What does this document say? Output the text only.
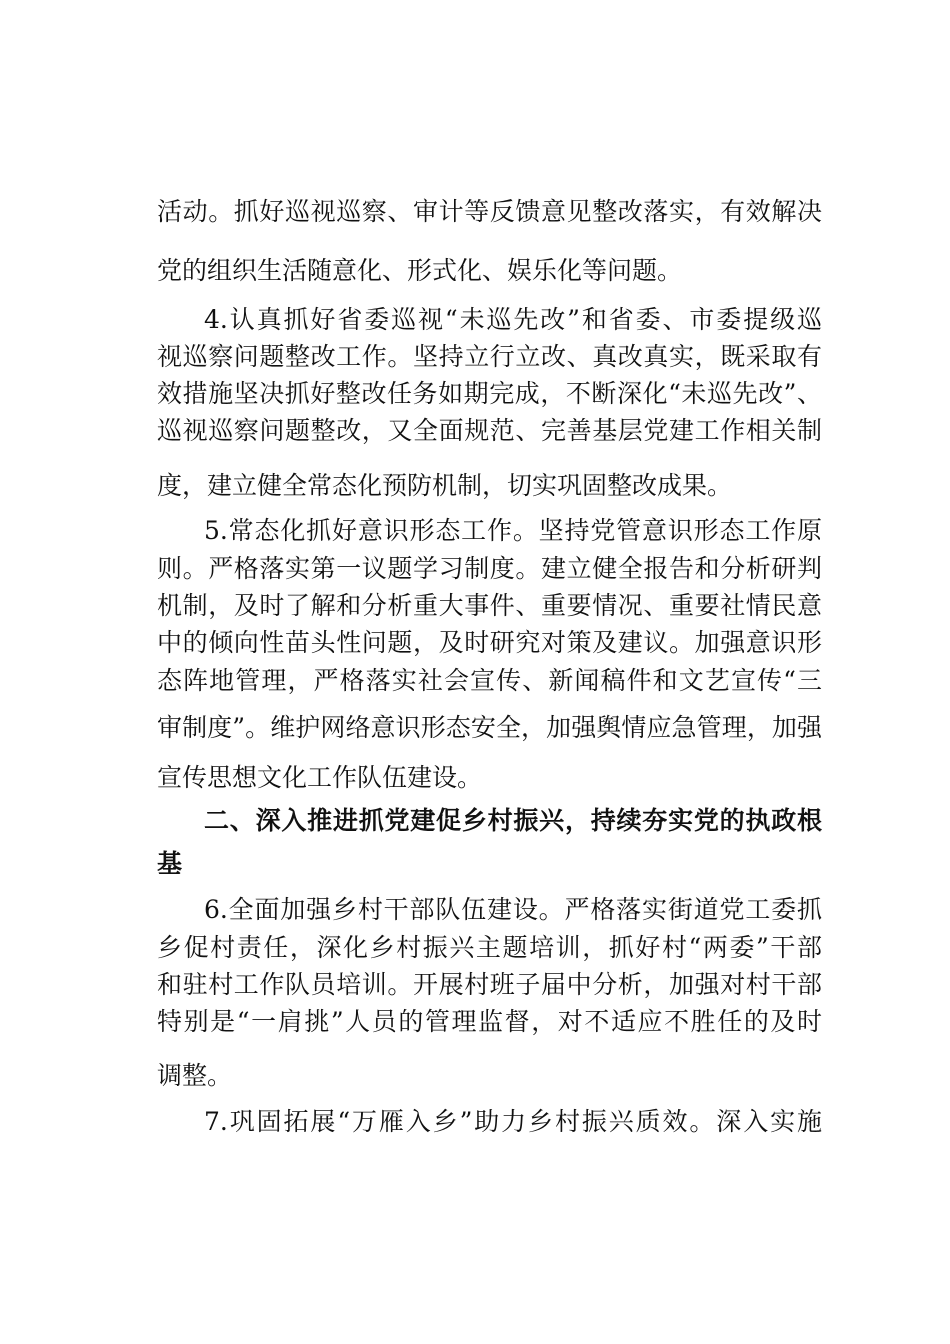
活动。抓好巡视巡察、审计等反馈意见整改落实，有效解决
党的组织生活随意化、形式化、娱乐化等问题。
4.认真抓好省委巡视“未巡先改”和省委、市委提级巡
视巡察问题整改工作。坚持立行立改、真改真实，既采取有
效措施坚决抓好整改任务如期完成，不断深化“未巡先改”、
巡视巡察问题整改，又全面规范、完善基层党建工作相关制
度，建立健全常态化预防机制，切实巩固整改成果。
5.常态化抓好意识形态工作。坚持党管意识形态工作原
则。严格落实第一议题学习制度。建立健全报告和分析研判
机制，及时了解和分析重大事件、重要情况、重要社情民意
中的倾向性苗头性问题，及时研究对策及建议。加强意识形
态阵地管理，严格落实社会宣传、新闻稿件和文艺宣传“三
审制度”。维护网络意识形态安全，加强舆情应急管理，加强
宣传思想文化工作队伍建设。
二、深入推进抓党建促乡村振兴，持续夯实党的执政根
基
6.全面加强乡村干部队伍建设。严格落实街道党工委抓
乡促村责任，深化乡村振兴主题培训，抓好村“两委”干部
和驻村工作队员培训。开展村班子届中分析，加强对村干部
特别是“一肩挑”人员的管理监督，对不适应不胜任的及时
调整。
7.巩固拓展“万雁入乡”助力乡村振兴质效。深入实施
